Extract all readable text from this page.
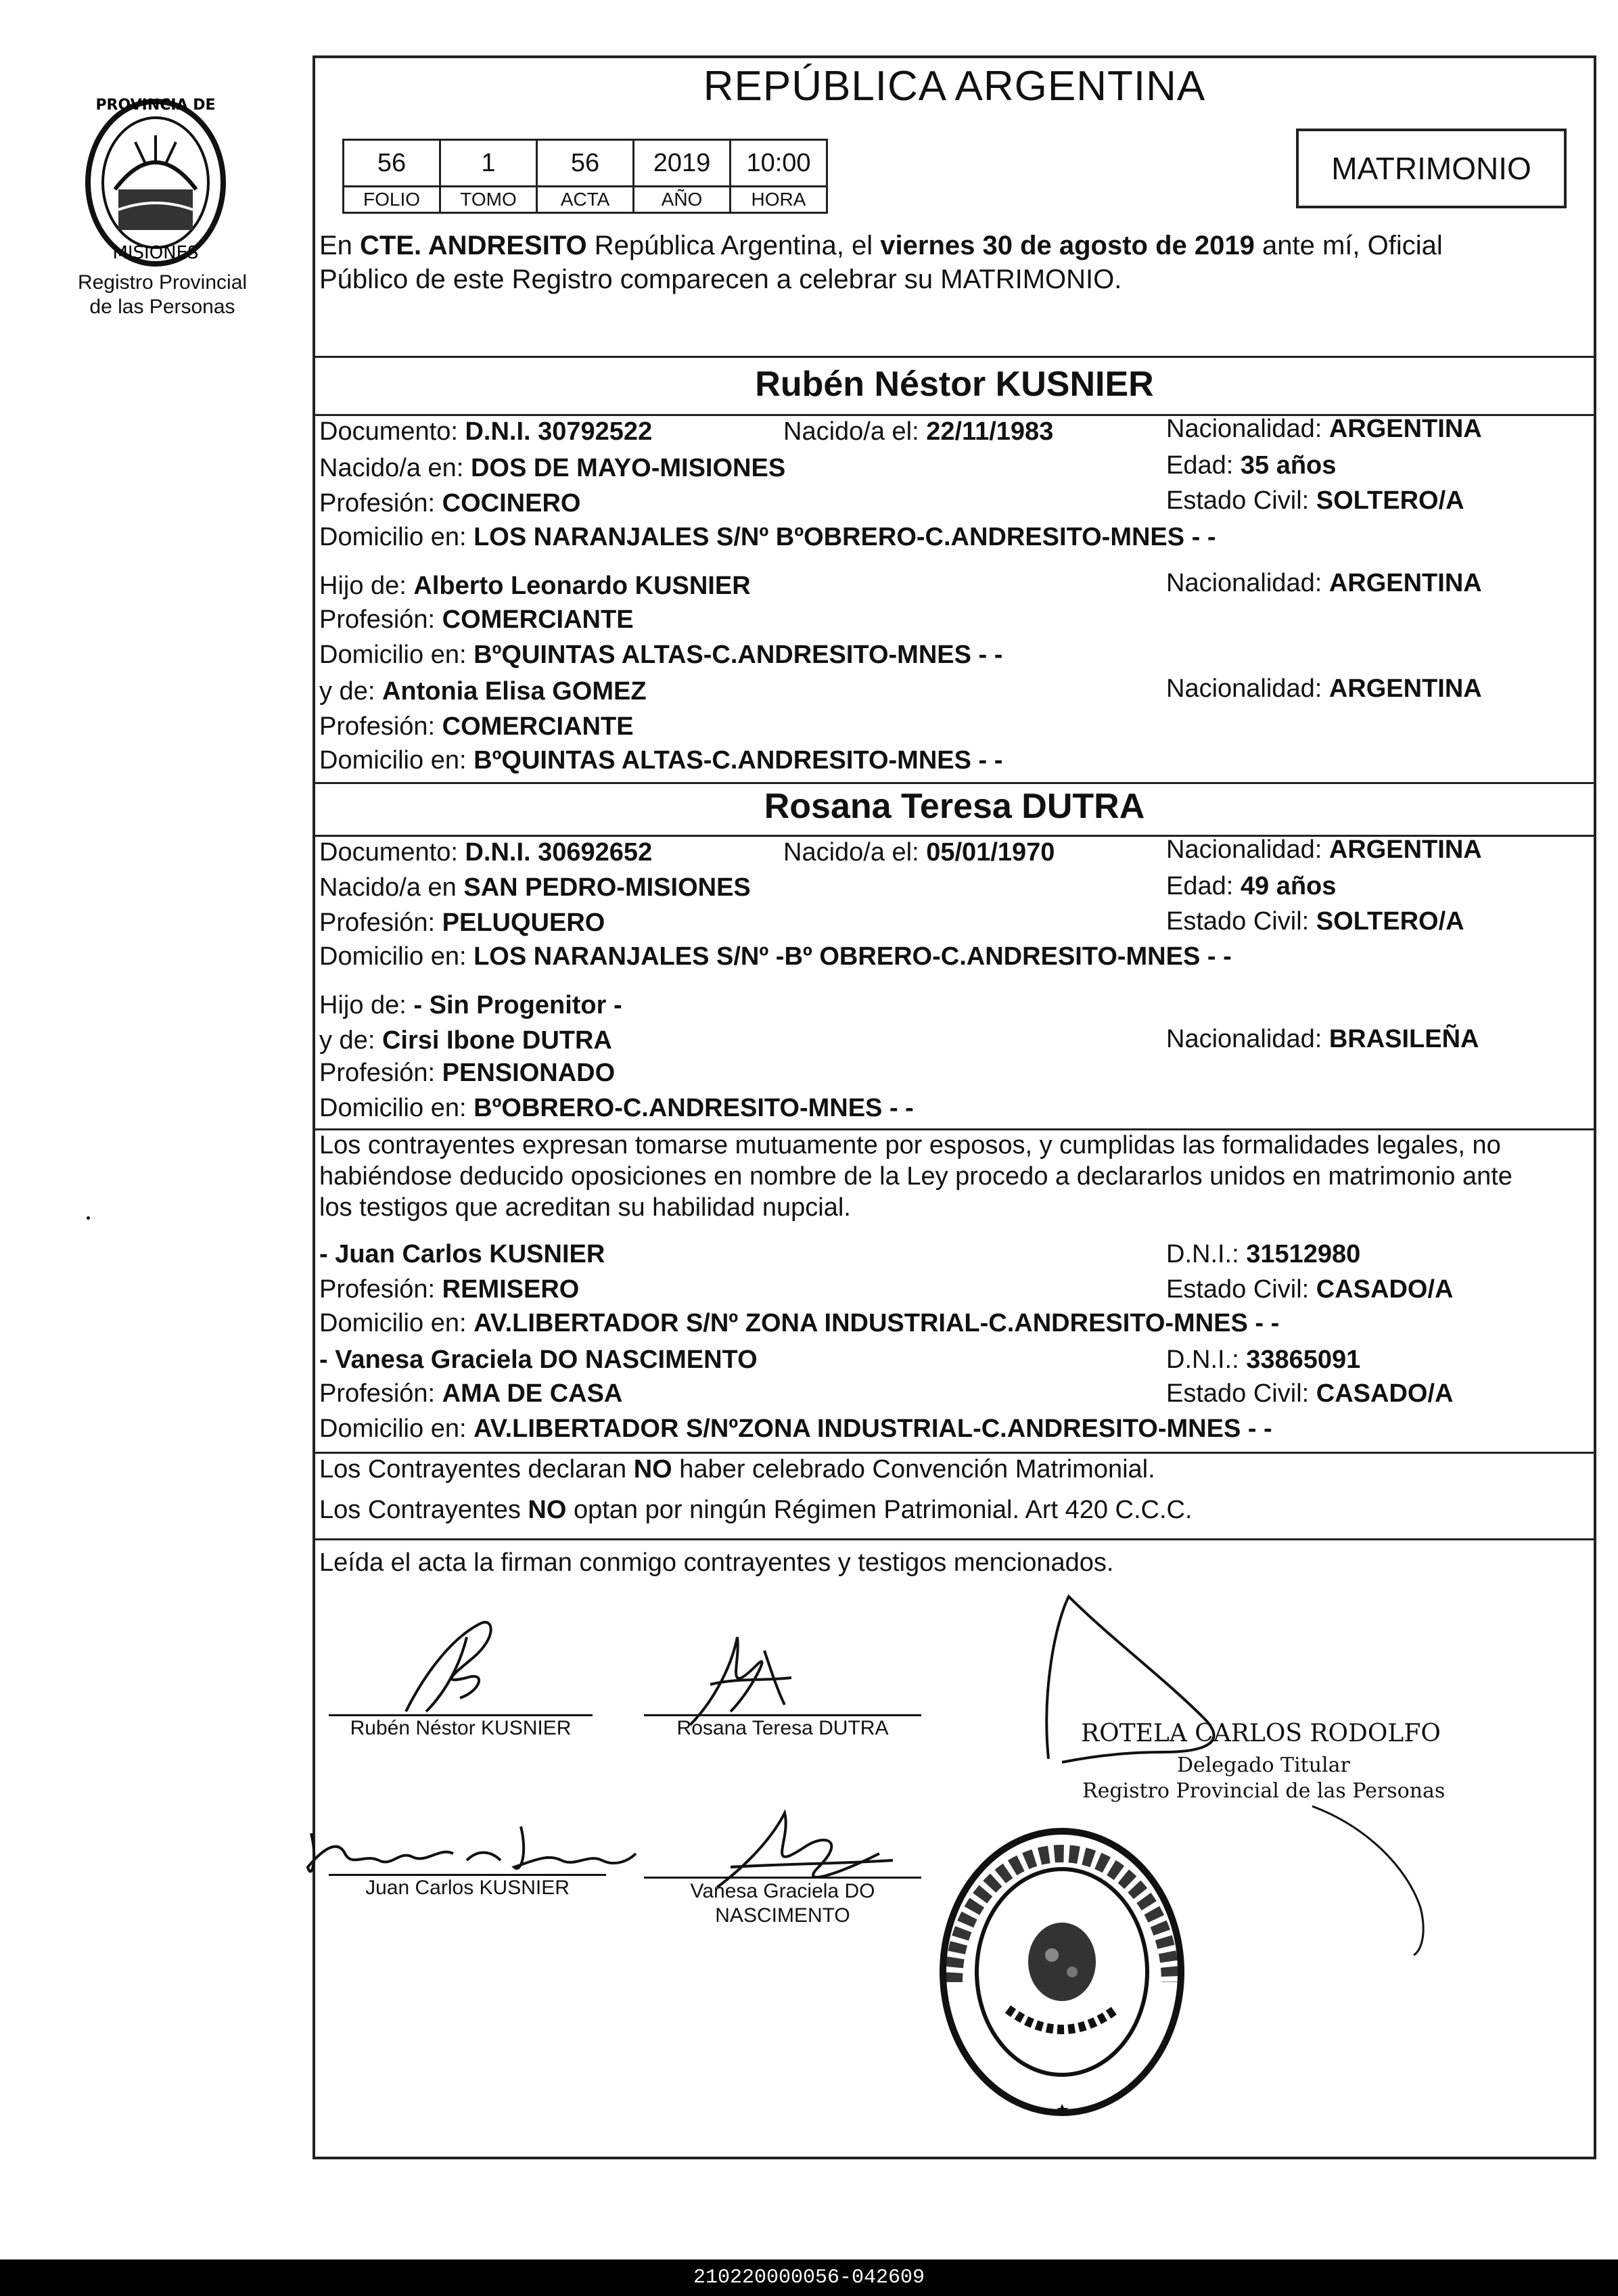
PROVINCIA DE
MISIONES
Registro Provincial
de las Personas
REPÚBLICA ARGENTINA
56	1	56	2019	10:00
FOLIO	TOMO	ACTA	AÑO	HORA
MATRIMONIO
En CTE. ANDRESITO República Argentina, el viernes 30 de agosto de 2019 ante mí, Oficial
Público de este Registro comparecen a celebrar su MATRIMONIO.
Rubén Néstor KUSNIER
Documento: D.N.I. 30792522	Nacido/a el: 22/11/1983	Nacionalidad: ARGENTINA
Nacido/a en: DOS DE MAYO-MISIONES	Edad: 35 años
Profesión: COCINERO	Estado Civil: SOLTERO/A
Domicilio en: LOS NARANJALES S/Nº BºOBRERO-C.ANDRESITO-MNES - -
Hijo de: Alberto Leonardo KUSNIER	Nacionalidad: ARGENTINA
Profesión: COMERCIANTE
Domicilio en: BºQUINTAS ALTAS-C.ANDRESITO-MNES - -
y de: Antonia Elisa GOMEZ	Nacionalidad: ARGENTINA
Profesión: COMERCIANTE
Domicilio en: BºQUINTAS ALTAS-C.ANDRESITO-MNES - -
Rosana Teresa DUTRA
Documento: D.N.I. 30692652	Nacido/a el: 05/01/1970	Nacionalidad: ARGENTINA
Nacido/a en SAN PEDRO-MISIONES	Edad: 49 años
Profesión: PELUQUERO	Estado Civil: SOLTERO/A
Domicilio en: LOS NARANJALES S/Nº -Bº OBRERO-C.ANDRESITO-MNES - -
Hijo de: - Sin Progenitor -
y de: Cirsi Ibone DUTRA	Nacionalidad: BRASILEÑA
Profesión: PENSIONADO
Domicilio en: BºOBRERO-C.ANDRESITO-MNES - -
Los contrayentes expresan tomarse mutuamente por esposos, y cumplidas las formalidades legales, no
habiéndose deducido oposiciones en nombre de la Ley procedo a declararlos unidos en matrimonio ante
los testigos que acreditan su habilidad nupcial.
- Juan Carlos KUSNIER	D.N.I.: 31512980
Profesión: REMISERO	Estado Civil: CASADO/A
Domicilio en: AV.LIBERTADOR S/Nº ZONA INDUSTRIAL-C.ANDRESITO-MNES - -
- Vanesa Graciela DO NASCIMENTO	D.N.I.: 33865091
Profesión: AMA DE CASA	Estado Civil: CASADO/A
Domicilio en: AV.LIBERTADOR S/NºZONA INDUSTRIAL-C.ANDRESITO-MNES - -
Los Contrayentes declaran NO haber celebrado Convención Matrimonial.
Los Contrayentes NO optan por ningún Régimen Patrimonial. Art 420 C.C.C.
Leída el acta la firman conmigo contrayentes y testigos mencionados.
Rubén Néstor KUSNIER	Rosana Teresa DUTRA
Juan Carlos KUSNIER	Vanesa Graciela DO
NASCIMENTO
ROTELA CARLOS RODOLFO
Delegado Titular
Registro Provincial de las Personas
210220000056-042609
